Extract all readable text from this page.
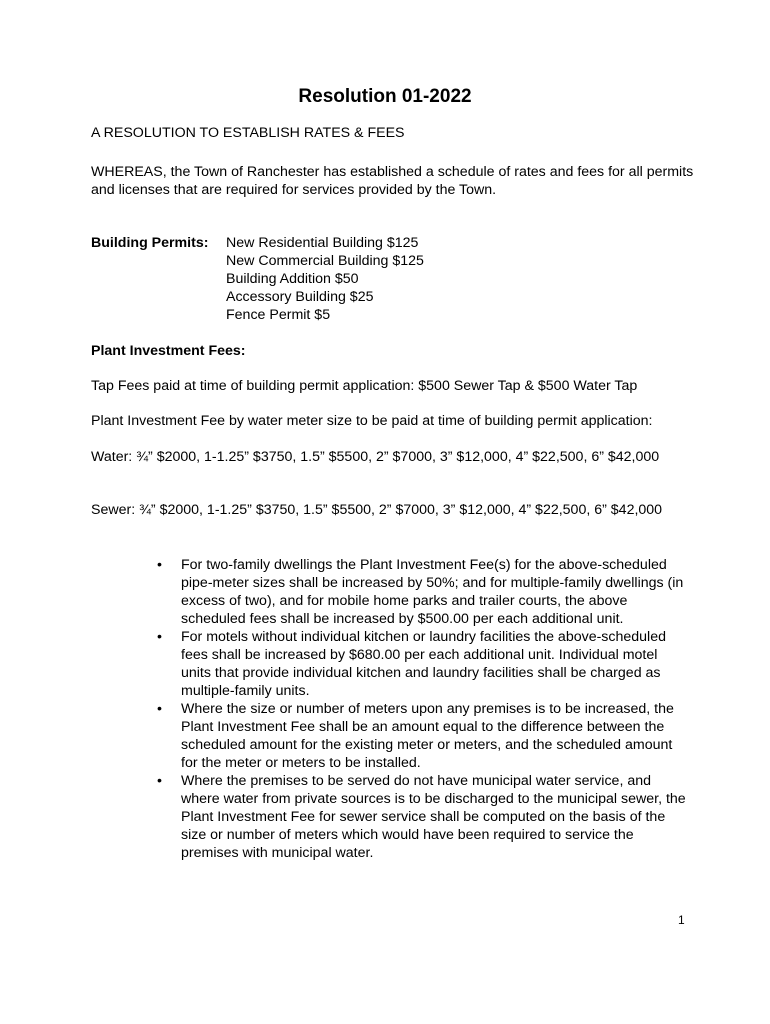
Resolution 01-2022

A RESOLUTION TO ESTABLISH RATES & FEES

WHEREAS, the Town of Ranchester has established a schedule of rates and fees for all permits and licenses that are required for services provided by the Town.

Building Permits: New Residential Building $125
New Commercial Building $125
Building Addition $50
Accessory Building $25
Fence Permit $5

Plant Investment Fees:

Tap Fees paid at time of building permit application: $500 Sewer Tap & $500 Water Tap

Plant Investment Fee by water meter size to be paid at time of building permit application:

Water: ¾” $2000, 1-1.25” $3750, 1.5” $5500, 2” $7000, 3” $12,000, 4” $22,500, 6” $42,000

Sewer: ¾” $2000, 1-1.25” $3750, 1.5” $5500, 2” $7000, 3” $12,000, 4” $22,500, 6” $42,000

• For two-family dwellings the Plant Investment Fee(s) for the above-scheduled pipe-meter sizes shall be increased by 50%; and for multiple-family dwellings (in excess of two), and for mobile home parks and trailer courts, the above scheduled fees shall be increased by $500.00 per each additional unit.
• For motels without individual kitchen or laundry facilities the above-scheduled fees shall be increased by $680.00 per each additional unit. Individual motel units that provide individual kitchen and laundry facilities shall be charged as multiple-family units.
• Where the size or number of meters upon any premises is to be increased, the Plant Investment Fee shall be an amount equal to the difference between the scheduled amount for the existing meter or meters, and the scheduled amount for the meter or meters to be installed.
• Where the premises to be served do not have municipal water service, and where water from private sources is to be discharged to the municipal sewer, the Plant Investment Fee for sewer service shall be computed on the basis of the size or number of meters which would have been required to service the premises with municipal water.
1
